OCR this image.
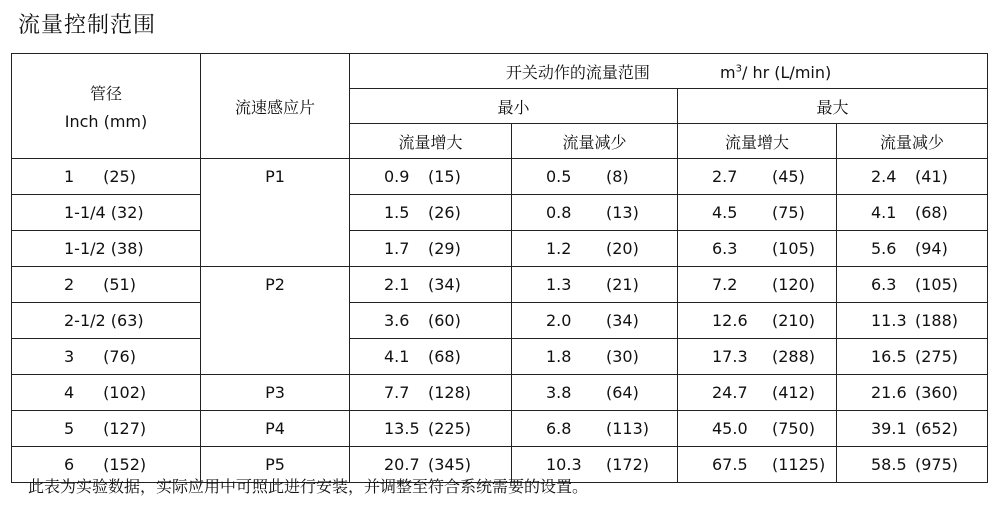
流量控制范围
管径
Inch (mm)	流速感应片	开关动作的流量范围 $m^3/$ hr (L/min)			
		最小		最大	
		流量增大	流量减少	流量增大	流量减少
1 (25)	P1	0.9 (15)	0.5 (8)	2.7 (45)	2.4 (41)
1-1/4 (32)		1.5 (26)	0.8 (13)	4.5 (75)	4.1 (68)
1-1/2 (38)		1.7 (29)	1.2 (20)	6.3 (105)	5.6 (94)
2 (51)	P2	2.1 (34)	1.3 (21)	7.2 (120)	6.3 (105)
2-1/2 (63)		3.6 (60)	2.0 (34)	12.6 (210)	11.3 (188)
3 (76)		4.1 (68)	1.8 (30)	17.3 (288)	16.5 (275)
4 (102)	P3	7.7 (128)	3.8 (64)	24.7 (412)	21.6 (360)
5 (127)	P4	13.5 (225)	6.8 (113)	45.0 (750)	39.1 (652)
6 (152)	P5	20.7 (345)	10.3 (172)	67.5 (1125)	58.5 (975)
此表为实验数据，实际应用中可照此进行安装，并调整至符合系统需要的设置。
